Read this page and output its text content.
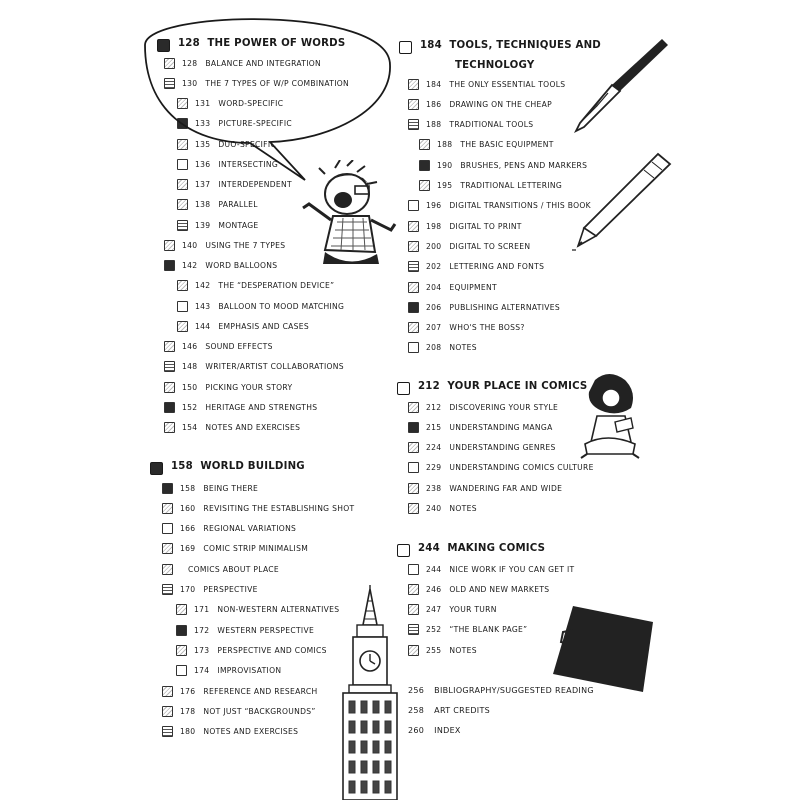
128 THE POWER OF WORDS
128 BALANCE AND INTEGRATION
130 THE 7 TYPES OF W/P COMBINATION
131 WORD-SPECIFIC
133 PICTURE-SPECIFIC
135 DUO-SPECIFIC
136 INTERSECTING
137 INTERDEPENDENT
138 PARALLEL
139 MONTAGE
140 USING THE 7 TYPES
142 WORD BALLOONS
142 THE “DESPERATION DEVICE”
143 BALLOON TO MOOD MATCHING
144 EMPHASIS AND CASES
146 SOUND EFFECTS
148 WRITER/ARTIST COLLABORATIONS
150 PICKING YOUR STORY
152 HERITAGE AND STRENGTHS
154 NOTES AND EXERCISES
158 WORLD BUILDING
158 BEING THERE
160 REVISITING THE ESTABLISHING SHOT
166 REGIONAL VARIATIONS
169 COMIC STRIP MINIMALISM
COMICS ABOUT PLACE
170 PERSPECTIVE
171 NON-WESTERN ALTERNATIVES
172 WESTERN PERSPECTIVE
173 PERSPECTIVE AND COMICS
174 IMPROVISATION
176 REFERENCE AND RESEARCH
178 NOT JUST “BACKGROUNDS”
180 NOTES AND EXERCISES
184 TOOLS, TECHNIQUES AND
TECHNOLOGY
184 THE ONLY ESSENTIAL TOOLS
186 DRAWING ON THE CHEAP
188 TRADITIONAL TOOLS
188 THE BASIC EQUIPMENT
190 BRUSHES, PENS AND MARKERS
195 TRADITIONAL LETTERING
196 DIGITAL TRANSITIONS / THIS BOOK
198 DIGITAL TO PRINT
200 DIGITAL TO SCREEN
202 LETTERING AND FONTS
204 EQUIPMENT
206 PUBLISHING ALTERNATIVES
207 WHO'S THE BOSS?
208 NOTES
212 YOUR PLACE IN COMICS
212 DISCOVERING YOUR STYLE
215 UNDERSTANDING MANGA
224 UNDERSTANDING GENRES
229 UNDERSTANDING COMICS CULTURE
238 WANDERING FAR AND WIDE
240 NOTES
244 MAKING COMICS
244 NICE WORK IF YOU CAN GET IT
246 OLD AND NEW MARKETS
247 YOUR TURN
252 “THE BLANK PAGE”
255 NOTES
256 BIBLIOGRAPHY/SUGGESTED READING
258 ART CREDITS
260 INDEX
